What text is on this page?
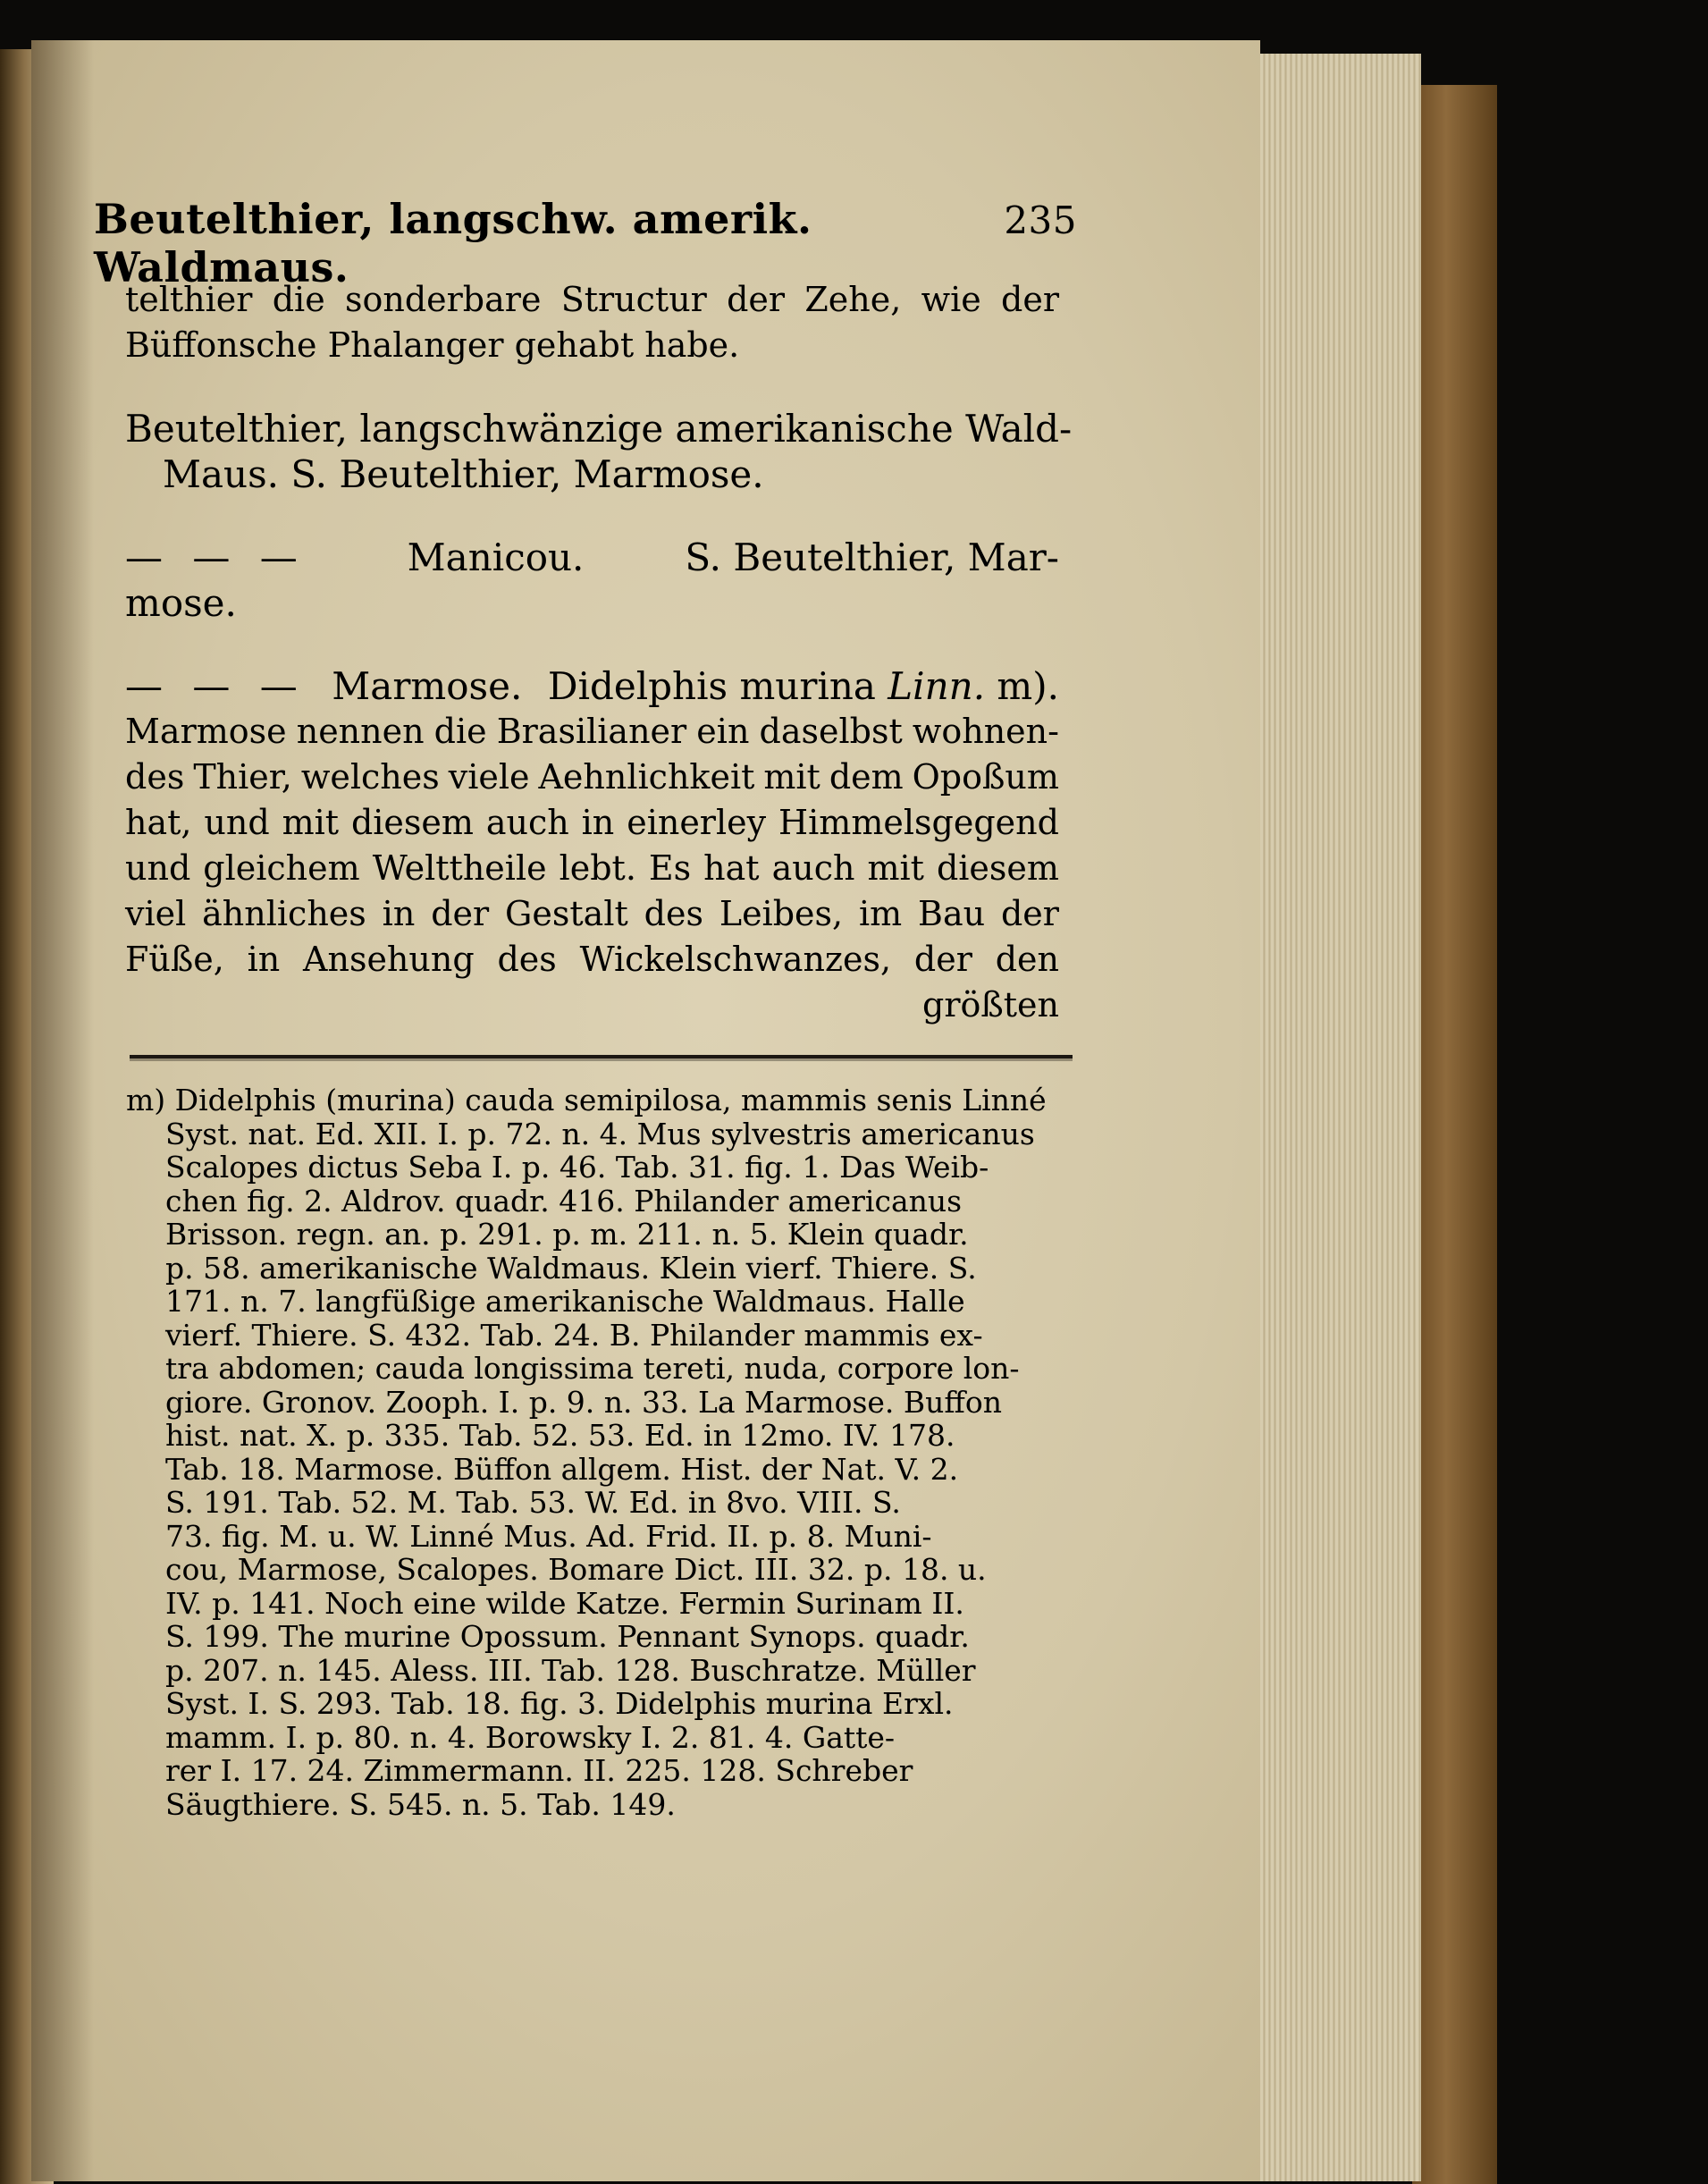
Beutelthier, langschw. amerik. Waldmaus.
235
telthier die sonderbare Structur der Zehe, wie der
Büffonsche Phalanger gehabt habe.
Beutelthier, langschwänzige amerikanische Wald-
Maus. S. Beutelthier, Marmose.
— — —	Manicou.	S. Beutelthier, Mar-
mose.
— — — Marmose. Didelphis murina Linn. m).
Marmose nennen die Brasilianer ein daselbst wohnen-
des Thier, welches viele Aehnlichkeit mit dem Opoßum
hat, und mit diesem auch in einerley Himmelsgegend
und gleichem Welttheile lebt. Es hat auch mit diesem
viel ähnliches in der Gestalt des Leibes, im Bau der
Füße, in Ansehung des Wickelschwanzes, der den
größten
m) Didelphis (murina) cauda semipilosa, mammis senis Linné
Syst. nat. Ed. XII. I. p. 72. n. 4. Mus sylvestris americanus
Scalopes dictus Seba I. p. 46. Tab. 31. fig. 1. Das Weib-
chen fig. 2. Aldrov. quadr. 416. Philander americanus
Brisson. regn. an. p. 291. p. m. 211. n. 5. Klein quadr.
p. 58. amerikanische Waldmaus. Klein vierf. Thiere. S.
171. n. 7. langfüßige amerikanische Waldmaus. Halle
vierf. Thiere. S. 432. Tab. 24. B. Philander mammis ex-
tra abdomen; cauda longissima tereti, nuda, corpore lon-
giore. Gronov. Zooph. I. p. 9. n. 33. La Marmose. Buffon
hist. nat. X. p. 335. Tab. 52. 53. Ed. in 12mo. IV. 178.
Tab. 18. Marmose. Büffon allgem. Hist. der Nat. V. 2.
S. 191. Tab. 52. M. Tab. 53. W. Ed. in 8vo. VIII. S.
73. fig. M. u. W. Linné Mus. Ad. Frid. II. p. 8. Muni-
cou, Marmose, Scalopes. Bomare Dict. III. 32. p. 18. u.
IV. p. 141. Noch eine wilde Katze. Fermin Surinam II.
S. 199. The murine Opossum. Pennant Synops. quadr.
p. 207. n. 145. Aless. III. Tab. 128. Buschratze. Müller
Syst. I. S. 293. Tab. 18. fig. 3. Didelphis murina Erxl.
mamm. I. p. 80. n. 4. Borowsky I. 2. 81. 4. Gatte-
rer I. 17. 24. Zimmermann. II. 225. 128. Schreber
Säugthiere. S. 545. n. 5. Tab. 149.
